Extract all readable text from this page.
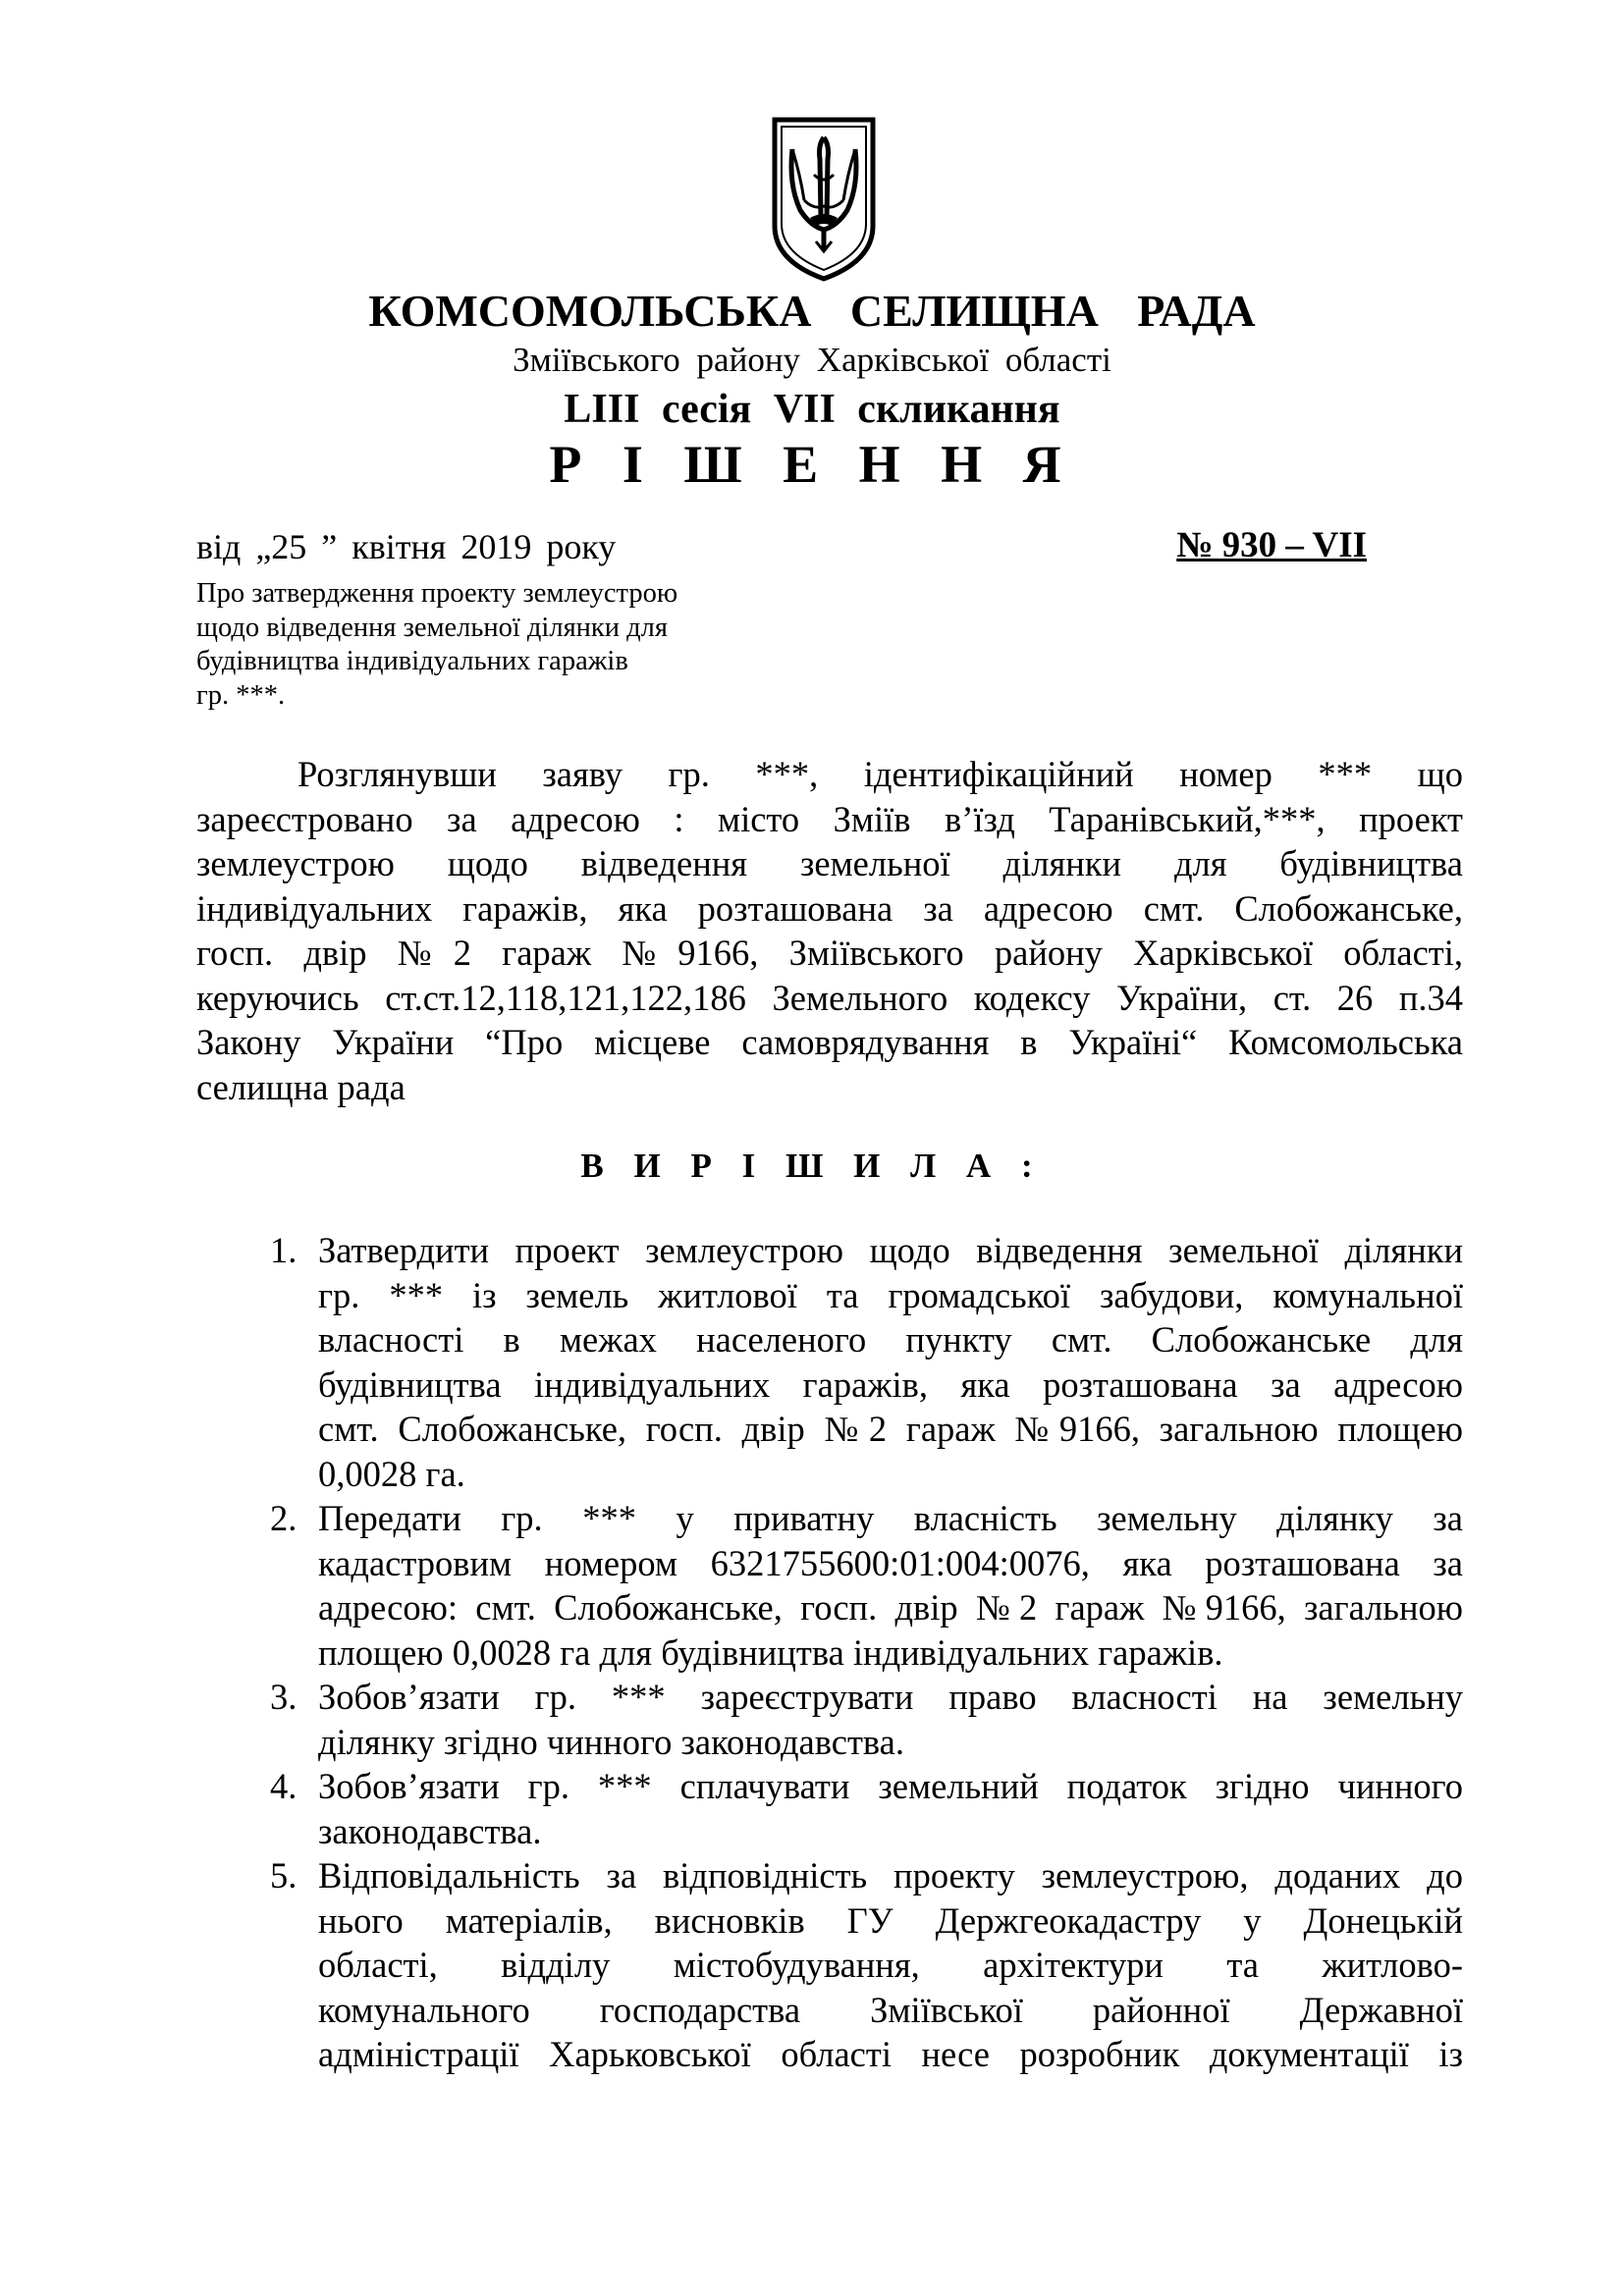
КОМСОМОЛЬСЬКА СЕЛИЩНА РАДА
Зміївського району Харківської області
LIII сесія VII скликання
Р І Ш Е Н Н Я
від „25 ” квітня 2019 року	№ 930 – VII
Про затвердження проекту землеустрою
щодо відведення земельної ділянки для
будівництва індивідуальних гаражів
гр. ***.
Розглянувши заяву гр. ***, ідентифікаційний номер *** що
зареєстровано за адресою : місто Зміїв в’їзд Таранівський,***, проект
землеустрою щодо відведення земельної ділянки для будівництва
індивідуальних гаражів, яка розташована за адресою смт. Слобожанське,
госп. двір №2 гараж №9166, Зміївського району Харківської області,
керуючись ст.ст.12,118,121,122,186 Земельного кодексу України, ст. 26 п.34
Закону України “Про місцеве самоврядування в Україні“ Комсомольська
селищна рада
В И Р І Ш И Л А :
1. Затвердити проект землеустрою щодо відведення земельної ділянки
гр. *** із земель житлової та громадської забудови, комунальної
власності в межах населеного пункту смт. Слобожанське для
будівництва індивідуальних гаражів, яка розташована за адресою
смт. Слобожанське, госп. двір №2 гараж №9166, загальною площею
0,0028 га.
2. Передати гр. *** у приватну власність земельну ділянку за
кадастровим номером 6321755600:01:004:0076, яка розташована за
адресою: смт. Слобожанське, госп. двір №2 гараж №9166, загальною
площею 0,0028 га для будівництва індивідуальних гаражів.
3. Зобов’язати гр. *** зареєструвати право власності на земельну
ділянку згідно чинного законодавства.
4. Зобов’язати гр. *** сплачувати земельний податок згідно чинного
законодавства.
5. Відповідальність за відповідність проекту землеустрою, доданих до
нього матеріалів, висновків ГУ Держгеокадастру у Донецькій
області, відділу містобудування, архітектури та житлово-
комунального господарства Зміївської районної Державної
адміністрації Харьковської області несе розробник документації із
